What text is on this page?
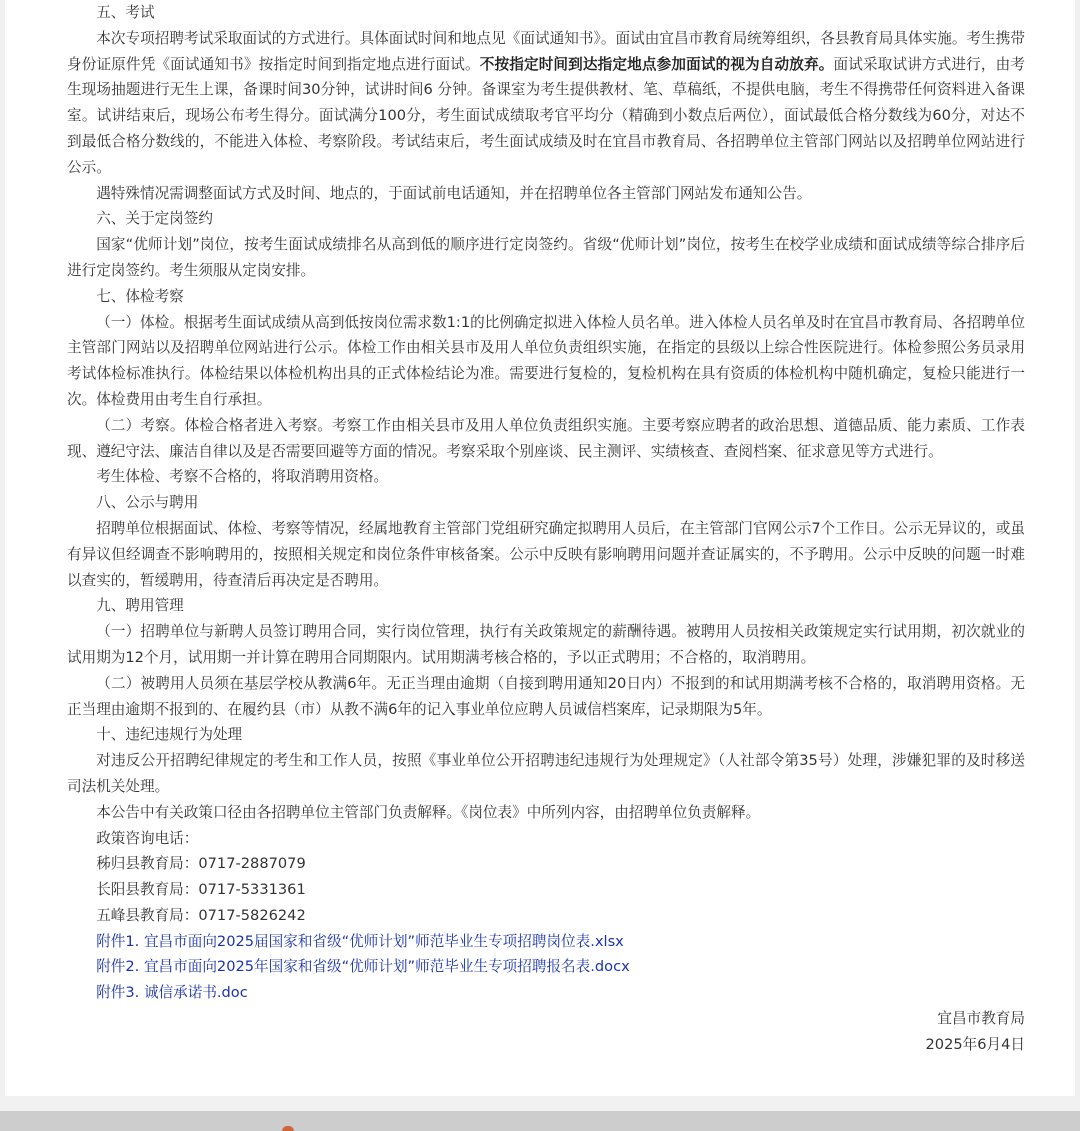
五、考试

本次专项招聘考试采取面试的方式进行。具体面试时间和地点见《面试通知书》。面试由宜昌市教育局统筹组织，各县教育局具体实施。考生携带身份证原件凭《面试通知书》按指定时间到指定地点进行面试。不按指定时间到达指定地点参加面试的视为自动放弃。面试采取试讲方式进行，由考生现场抽题进行无生上课，备课时间30分钟，试讲时间6 分钟。备课室为考生提供教材、笔、草稿纸，不提供电脑，考生不得携带任何资料进入备课室。试讲结束后，现场公布考生得分。面试满分100分，考生面试成绩取考官平均分（精确到小数点后两位），面试最低合格分数线为60分，对达不到最低合格分数线的，不能进入体检、考察阶段。考试结束后，考生面试成绩及时在宜昌市教育局、各招聘单位主管部门网站以及招聘单位网站进行公示。

遇特殊情况需调整面试方式及时间、地点的，于面试前电话通知，并在招聘单位各主管部门网站发布通知公告。

六、关于定岗签约

国家“优师计划”岗位，按考生面试成绩排名从高到低的顺序进行定岗签约。省级“优师计划”岗位，按考生在校学业成绩和面试成绩等综合排序后进行定岗签约。考生须服从定岗安排。

七、体检考察

（一）体检。根据考生面试成绩从高到低按岗位需求数1:1的比例确定拟进入体检人员名单。进入体检人员名单及时在宜昌市教育局、各招聘单位主管部门网站以及招聘单位网站进行公示。体检工作由相关县市及用人单位负责组织实施，在指定的县级以上综合性医院进行。体检参照公务员录用考试体检标准执行。体检结果以体检机构出具的正式体检结论为准。需要进行复检的，复检机构在具有资质的体检机构中随机确定，复检只能进行一次。体检费用由考生自行承担。

（二）考察。体检合格者进入考察。考察工作由相关县市及用人单位负责组织实施。主要考察应聘者的政治思想、道德品质、能力素质、工作表现、遵纪守法、廉洁自律以及是否需要回避等方面的情况。考察采取个别座谈、民主测评、实绩核查、查阅档案、征求意见等方式进行。

考生体检、考察不合格的，将取消聘用资格。

八、公示与聘用

招聘单位根据面试、体检、考察等情况，经属地教育主管部门党组研究确定拟聘用人员后，在主管部门官网公示7个工作日。公示无异议的，或虽有异议但经调查不影响聘用的，按照相关规定和岗位条件审核备案。公示中反映有影响聘用问题并查证属实的，不予聘用。公示中反映的问题一时难以查实的，暂缓聘用，待查清后再决定是否聘用。

九、聘用管理

（一）招聘单位与新聘人员签订聘用合同，实行岗位管理，执行有关政策规定的薪酬待遇。被聘用人员按相关政策规定实行试用期，初次就业的试用期为12个月，试用期一并计算在聘用合同期限内。试用期满考核合格的，予以正式聘用；不合格的，取消聘用。

（二）被聘用人员须在基层学校从教满6年。无正当理由逾期（自接到聘用通知20日内）不报到的和试用期满考核不合格的，取消聘用资格。无正当理由逾期不报到的、在履约县（市）从教不满6年的记入事业单位应聘人员诚信档案库，记录期限为5年。

十、违纪违规行为处理

对违反公开招聘纪律规定的考生和工作人员，按照《事业单位公开招聘违纪违规行为处理规定》（人社部令第35号）处理，涉嫌犯罪的及时移送司法机关处理。

本公告中有关政策口径由各招聘单位主管部门负责解释。《岗位表》中所列内容，由招聘单位负责解释。

政策咨询电话：

秭归县教育局：0717-2887079

长阳县教育局：0717-5331361

五峰县教育局：0717-5826242

附件1. 宜昌市面向2025届国家和省级“优师计划”师范毕业生专项招聘岗位表.xlsx

附件2. 宜昌市面向2025年国家和省级“优师计划”师范毕业生专项招聘报名表.docx

附件3. 诚信承诺书.doc

宜昌市教育局

2025年6月4日
